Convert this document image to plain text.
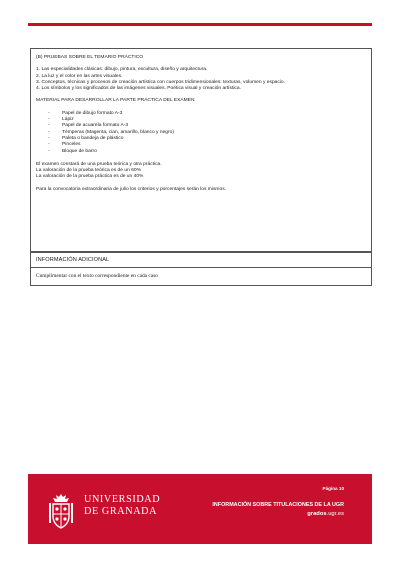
(B) PRUEBAS SOBRE EL TEMARIO PRÁCTICO
1. Las especialidades clásicas: dibujo, pintura, escultura, diseño y arquitectura.
2. La luz y el color en las artes visuales.
3. Conceptos, técnicas y procesos de creación artística con cuerpos tridimensionales: texturas, volumen y espacio.
4. Los símbolos y los significados de las imágenes visuales. Poética visual y creación artística.
MATERIAL PARA DESARROLLAR LA PARTE PRÁCTICA DEL EXAMEN
-	Papel de dibujo formato A-3
-	Lápiz
-	Papel de acuarela formato A-3
-	Témperas (Magenta, cian, amarillo, blanco y negro)
-	Paleta o bandeja de plástico
-	Pinceles
-	Bloque de barro
El examen constará de una prueba teórica y otra práctica.
La valoración de la prueba teórica es de un 60%
La valoración de la prueba práctica es de un 40%
Para la convocatoria extraordinaria de julio los criterios y porcentajes serán los mismos.
INFORMACIÓN ADICIONAL
Cumplimentar con el texto correspondiente en cada caso
UNIVERSIDAD
DE GRANADA
Página 10
INFORMACIÓN SOBRE TITULACIONES DE LA UGR
grados.ugr.es
